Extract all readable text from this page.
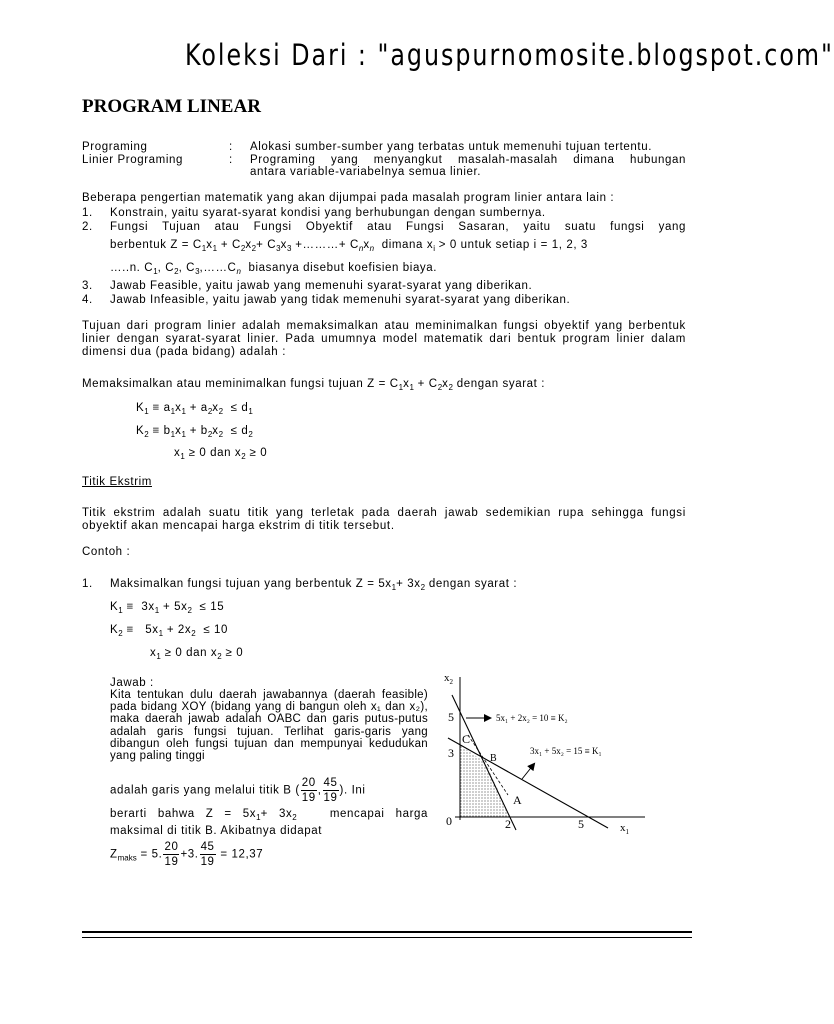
Koleksi Dari : "aguspurnomosite.blogspot.com"
PROGRAM LINEAR
Programing	: Alokasi sumber-sumber yang terbatas untuk memenuhi tujuan tertentu.
Linier Programing	: Programing yang menyangkut masalah-masalah dimana hubungan
antara variable-variabelnya semua linier.
Beberapa pengertian matematik yang akan dijumpai pada masalah program linier antara lain :
1. Konstrain, yaitu syarat-syarat kondisi yang berhubungan dengan sumbernya.
2. Fungsi Tujuan atau Fungsi Obyektif atau Fungsi Sasaran, yaitu suatu fungsi yang
berbentuk $Z = C_1x_1 + C_2x_2+ C_3x_3$ +………+ $C_nx_n$ dimana $x_i > 0$ untuk setiap i = 1, 2, 3
…..n. $C_1$, $C_2$, $C_3,\dots\dots C_n$ biasanya disebut koefisien biaya.
3. Jawab Feasible, yaitu jawab yang memenuhi syarat-syarat yang diberikan.
4. Jawab Infeasible, yaitu jawab yang tidak memenuhi syarat-syarat yang diberikan.
Tujuan dari program linier adalah memaksimalkan atau meminimalkan fungsi obyektif yang berbentuk linier dengan syarat-syarat linier. Pada umumnya model matematik dari bentuk program linier dalam dimensi dua (pada bidang) adalah :
Memaksimalkan atau meminimalkan fungsi tujuan $Z = C_1x_1 + C_2x_2$ dengan syarat :
$K_1 \equiv a_1x_1 + a_2x_2 \le d_1$
$K_2 \equiv b_1x_1 + b_2x_2 \le d_2$
$x_1 \ge 0$ dan $x_2 \ge 0$
Titik Ekstrim
Titik ekstrim adalah suatu titik yang terletak pada daerah jawab sedemikian rupa sehingga fungsi obyektif akan mencapai harga ekstrim di titik tersebut.
Contoh :
1. Maksimalkan fungsi tujuan yang berbentuk $Z = 5x_1+ 3x_2$ dengan syarat :
$K_1 \equiv 3x_1 + 5x_2 \le 15$
$K_2 \equiv 5x_1 + 2x_2 \le 10$
$x_1 \ge 0$ dan $x_2 \ge 0$
Jawab :
Kita tentukan dulu daerah jawabannya (daerah feasible) pada bidang XOY (bidang yang di bangun oleh x₁ dan x₂), maka daerah jawab adalah OABC dan garis putus-putus adalah garis fungsi tujuan. Terlihat garis-garis yang dibangun oleh fungsi tujuan dan mempunyai kedudukan yang paling tinggi
adalah garis yang melalui titik B ( $\frac{20}{19}$ , $\frac{45}{19}$ ). Ini
berarti bahwa $Z = 5x_1+ 3x_2$	mencapai harga
maksimal di titik B. Akibatnya didapat
$Z_{maks} = 5$. $\frac{20}{19} +3$. $\frac{45}{19} = 12,37$
$x_2$
$x_1$
0
5
3
2	5
C
B
A
5x₁ + 2x₂ = 10 ≡ K₂
3x₁ + 5x₂ = 15 ≡ K₁
